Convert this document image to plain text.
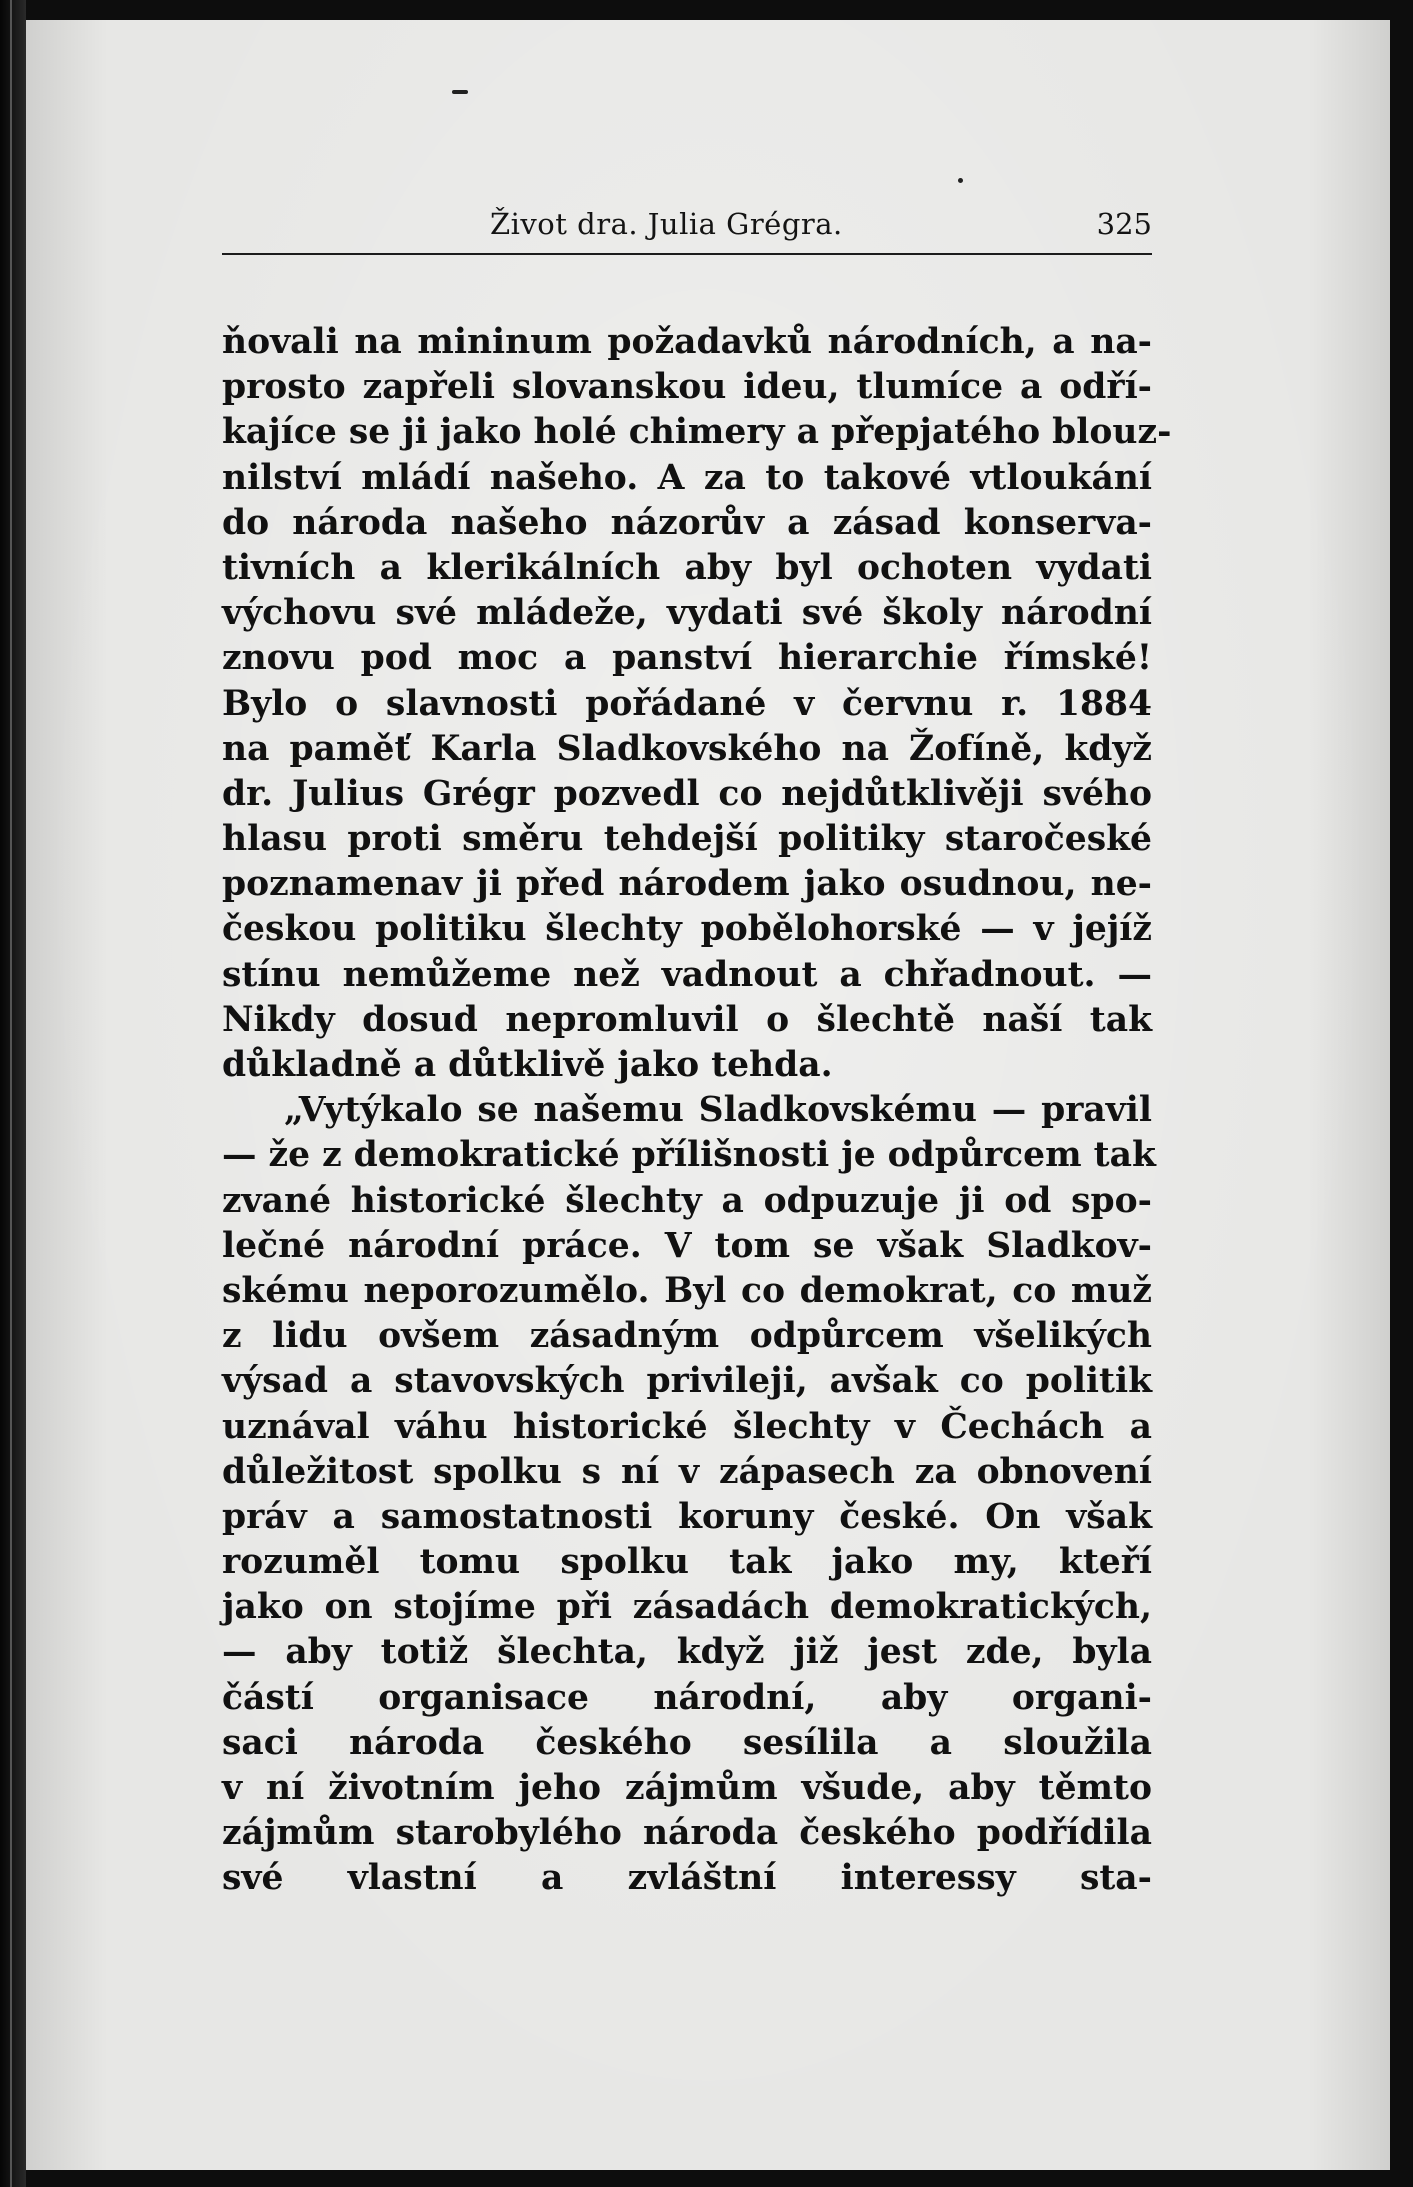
Život dra. Julia Grégra.	325
ňovali na mininum požadavků národních, a na-
prosto zapřeli slovanskou ideu, tlumíce a odří-
kajíce se ji jako holé chimery a přepjatého blouz-
nilství mládí našeho. A za to takové vtloukání
do národa našeho názorův a zásad konserva-
tivních a klerikálních aby byl ochoten vydati
výchovu své mládeže, vydati své školy národní
znovu pod moc a panství hierarchie římské!
Bylo o slavnosti pořádané v červnu r. 1884
na paměť Karla Sladkovského na Žofíně, když
dr. Julius Grégr pozvedl co nejdůtklivěji svého
hlasu proti směru tehdejší politiky staročeské
poznamenav ji před národem jako osudnou, ne-
českou politiku šlechty pobělohorské — v jejíž
stínu nemůžeme než vadnout a chřadnout. —
Nikdy dosud nepromluvil o šlechtě naší tak
důkladně a důtklivě jako tehda.
„Vytýkalo se našemu Sladkovskému — pravil
— že z demokratické přílišnosti je odpůrcem tak
zvané historické šlechty a odpuzuje ji od spo-
lečné národní práce. V tom se však Sladkov-
skému neporozumělo. Byl co demokrat, co muž
z lidu ovšem zásadným odpůrcem všelikých
výsad a stavovských privileji, avšak co politik
uznával váhu historické šlechty v Čechách a
důležitost spolku s ní v zápasech za obnovení
práv a samostatnosti koruny české. On však
rozuměl tomu spolku tak jako my, kteří
jako on stojíme při zásadách demokratických,
— aby totiž šlechta, když již jest zde, byla
částí organisace národní, aby organi-
saci národa českého sesílila a sloužila
v ní životním jeho zájmům všude, aby těmto
zájmům starobylého národa českého podřídila
své vlastní a zvláštní interessy sta-
